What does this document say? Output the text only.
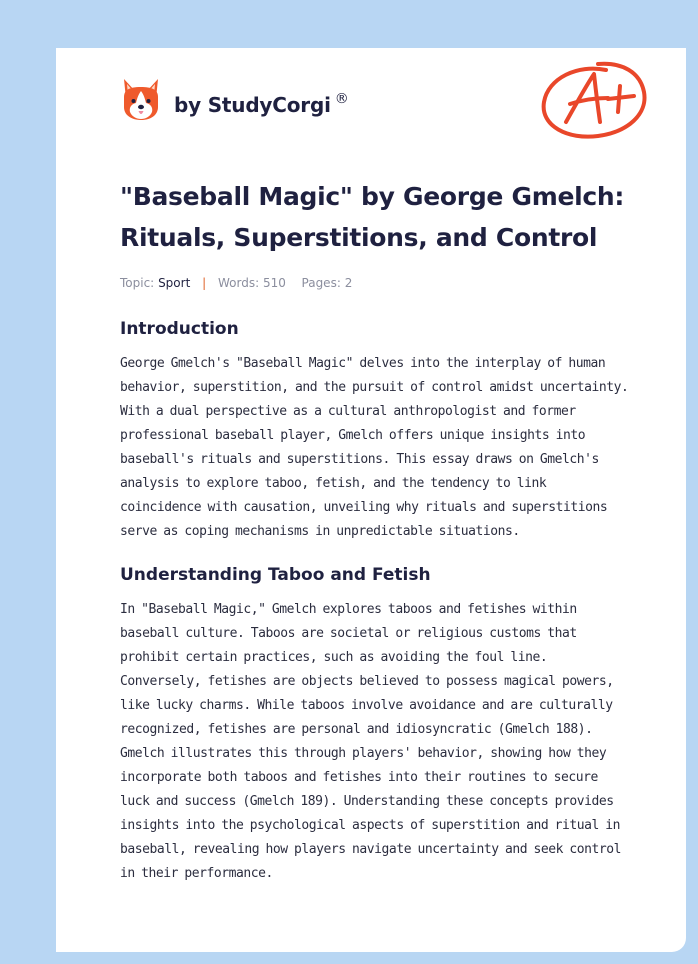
by StudyCorgi ®
"Baseball Magic" by George Gmelch: Rituals, Superstitions, and Control
Topic: Sport | Words: 510 Pages: 2
Introduction

George Gmelch's "Baseball Magic" delves into the interplay of human behavior, superstition, and the pursuit of control amidst uncertainty. With a dual perspective as a cultural anthropologist and former professional baseball player, Gmelch offers unique insights into baseball's rituals and superstitions. This essay draws on Gmelch's analysis to explore taboo, fetish, and the tendency to link coincidence with causation, unveiling why rituals and superstitions serve as coping mechanisms in unpredictable situations.

Understanding Taboo and Fetish

In "Baseball Magic," Gmelch explores taboos and fetishes within baseball culture. Taboos are societal or religious customs that prohibit certain practices, such as avoiding the foul line. Conversely, fetishes are objects believed to possess magical powers, like lucky charms. While taboos involve avoidance and are culturally recognized, fetishes are personal and idiosyncratic (Gmelch 188). Gmelch illustrates this through players' behavior, showing how they incorporate both taboos and fetishes into their routines to secure luck and success (Gmelch 189). Understanding these concepts provides insights into the psychological aspects of superstition and ritual in baseball, revealing how players navigate uncertainty and seek control in their performance.
